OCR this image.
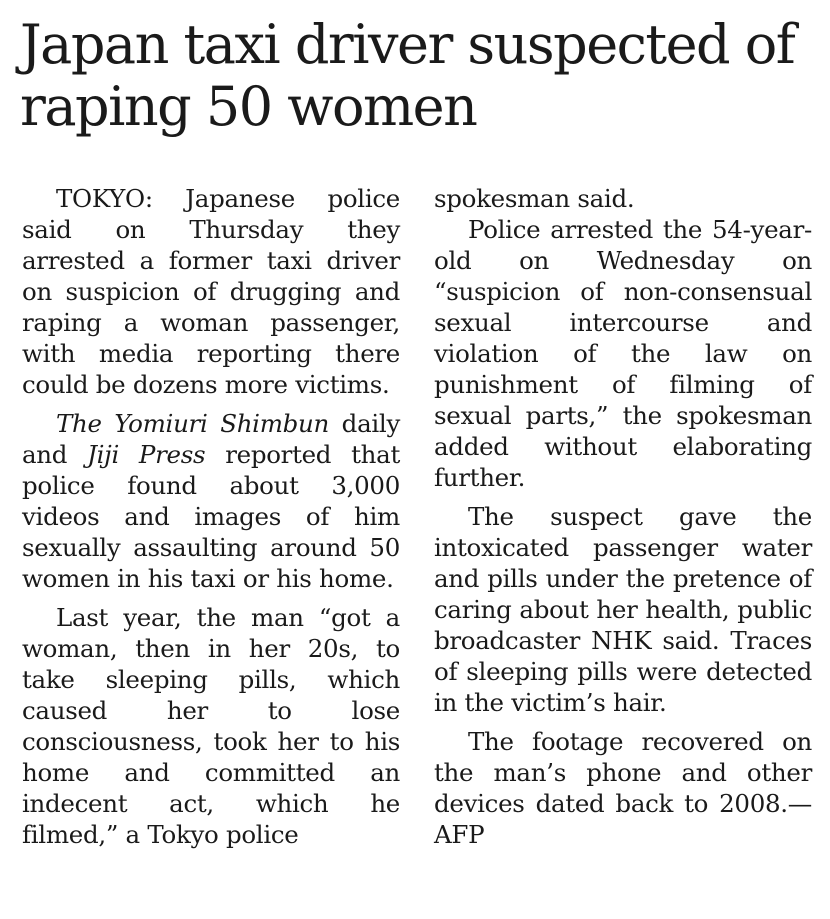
Japan taxi driver suspected of raping 50 women

TOKYO: Japanese police said on Thursday they arrested a former taxi driver on suspicion of drugging and raping a woman passenger, with media reporting there could be dozens more victims.

The Yomiuri Shimbun daily and Jiji Press reported that police found about 3,000 videos and images of him sexually assaulting around 50 women in his taxi or his home.

Last year, the man “got a woman, then in her 20s, to take sleeping pills, which caused her to lose consciousness, took her to his home and committed an indecent act, which he filmed,” a Tokyo police

spokesman said.

Police arrested the 54-year-old on Wednesday on “suspicion of non-consensual sexual intercourse and violation of the law on punishment of filming of sexual parts,” the spokesman added without elaborating further.

The suspect gave the intoxicated passenger water and pills under the pretence of caring about her health, public broadcaster NHK said. Traces of sleeping pills were detected in the victim’s hair.

The footage recovered on the man’s phone and other devices dated back to 2008.—AFP
